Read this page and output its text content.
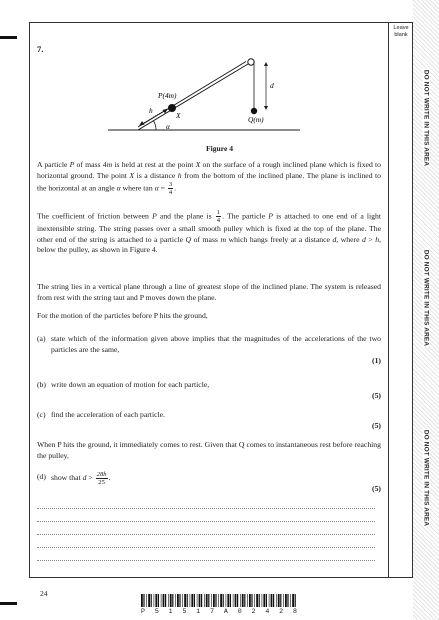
Leave
blank
DO NOT WRITE IN THIS AREA
DO NOT WRITE IN THIS AREA
DO NOT WRITE IN THIS AREA
7.
P(4m)
h
X
α
d
Q(m)
Figure 4
A particle P of mass 4m is held at rest at the point X on the surface of a rough inclined plane which is fixed to horizontal ground. The point X is a distance h from the bottom of the inclined plane. The plane is inclined to the horizontal at an angle α where $\tan \alpha = \frac{3}{4}$ .
The coefficient of friction between P and the plane is $\frac{1}{4}$ . The particle P is attached to one end of a light inextensible string. The string passes over a small smooth pulley which is fixed at the top of the plane. The other end of the string is attached to a particle Q of mass m which hangs freely at a distance d, where d > h, below the pulley, as shown in Figure 4.
The string lies in a vertical plane through a line of greatest slope of the inclined plane. The system is released from rest with the string taut and P moves down the plane.
For the motion of the particles before P hits the ground,
(a) state which of the information given above implies that the magnitudes of the accelerations of the two particles are the same,
(1)
(b) write down an equation of motion for each particle,
(5)
(c) find the acceleration of each particle.
(5)
When P hits the ground, it immediately comes to rest. Given that Q comes to instantaneous rest before reaching the pulley,
(d) show that $d > \frac{28h}{25}$ .
(5)
24
P 5 1 5 1 7 A 0 2 4 2 8
